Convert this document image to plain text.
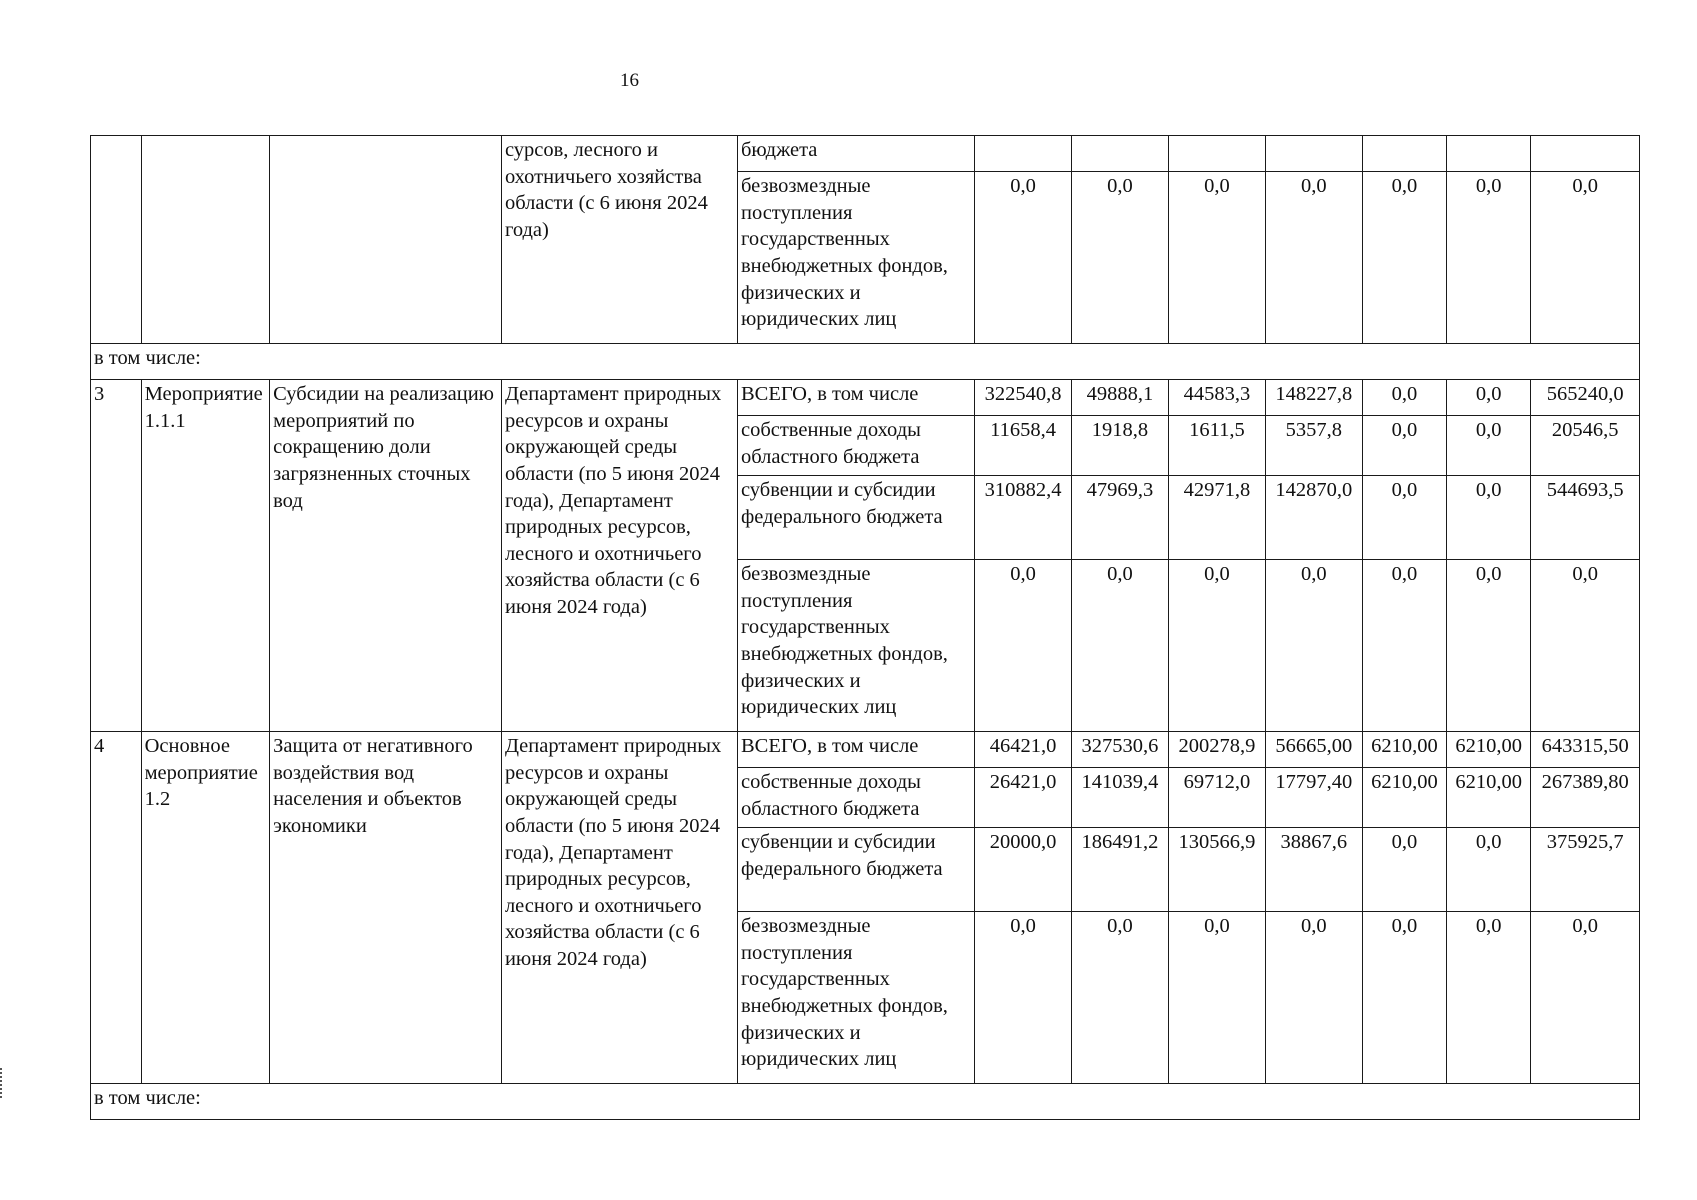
16
			сурсов, лесного и охотничьего хозяйства области (с 6 июня 2024 года)	бюджета							
				безвозмездные поступления государственных внебюджетных фондов, физических и юридических лиц	0,0	0,0	0,0	0,0	0,0	0,0	0,0
в том числе:											
3	Мероприятие 1.1.1	Субсидии на реализацию мероприятий по сокращению доли загрязненных сточных вод	Департамент природных ресурсов и охраны окружающей среды области (по 5 июня 2024 года), Департамент природных ресурсов, лесного и охотничьего хозяйства области (с 6 июня 2024 года)	ВСЕГО, в том числе	322540,8	49888,1	44583,3	148227,8	0,0	0,0	565240,0
				собственные доходы областного бюджета	11658,4	1918,8	1611,5	5357,8	0,0	0,0	20546,5
				субвенции и субсидии федерального бюджета	310882,4	47969,3	42971,8	142870,0	0,0	0,0	544693,5
				безвозмездные поступления государственных внебюджетных фондов, физических и юридических лиц	0,0	0,0	0,0	0,0	0,0	0,0	0,0
4	Основное мероприятие 1.2	Защита от негативного воздействия вод населения и объектов экономики	Департамент природных ресурсов и охраны окружающей среды области (по 5 июня 2024 года), Департамент природных ресурсов, лесного и охотничьего хозяйства области (с 6 июня 2024 года)	ВСЕГО, в том числе	46421,0	327530,6	200278,9	56665,00	6210,00	6210,00	643315,50
				собственные доходы областного бюджета	26421,0	141039,4	69712,0	17797,40	6210,00	6210,00	267389,80
				субвенции и субсидии федерального бюджета	20000,0	186491,2	130566,9	38867,6	0,0	0,0	375925,7
				безвозмездные поступления государственных внебюджетных фондов, физических и юридических лиц	0,0	0,0	0,0	0,0	0,0	0,0	0,0
в том числе:											
